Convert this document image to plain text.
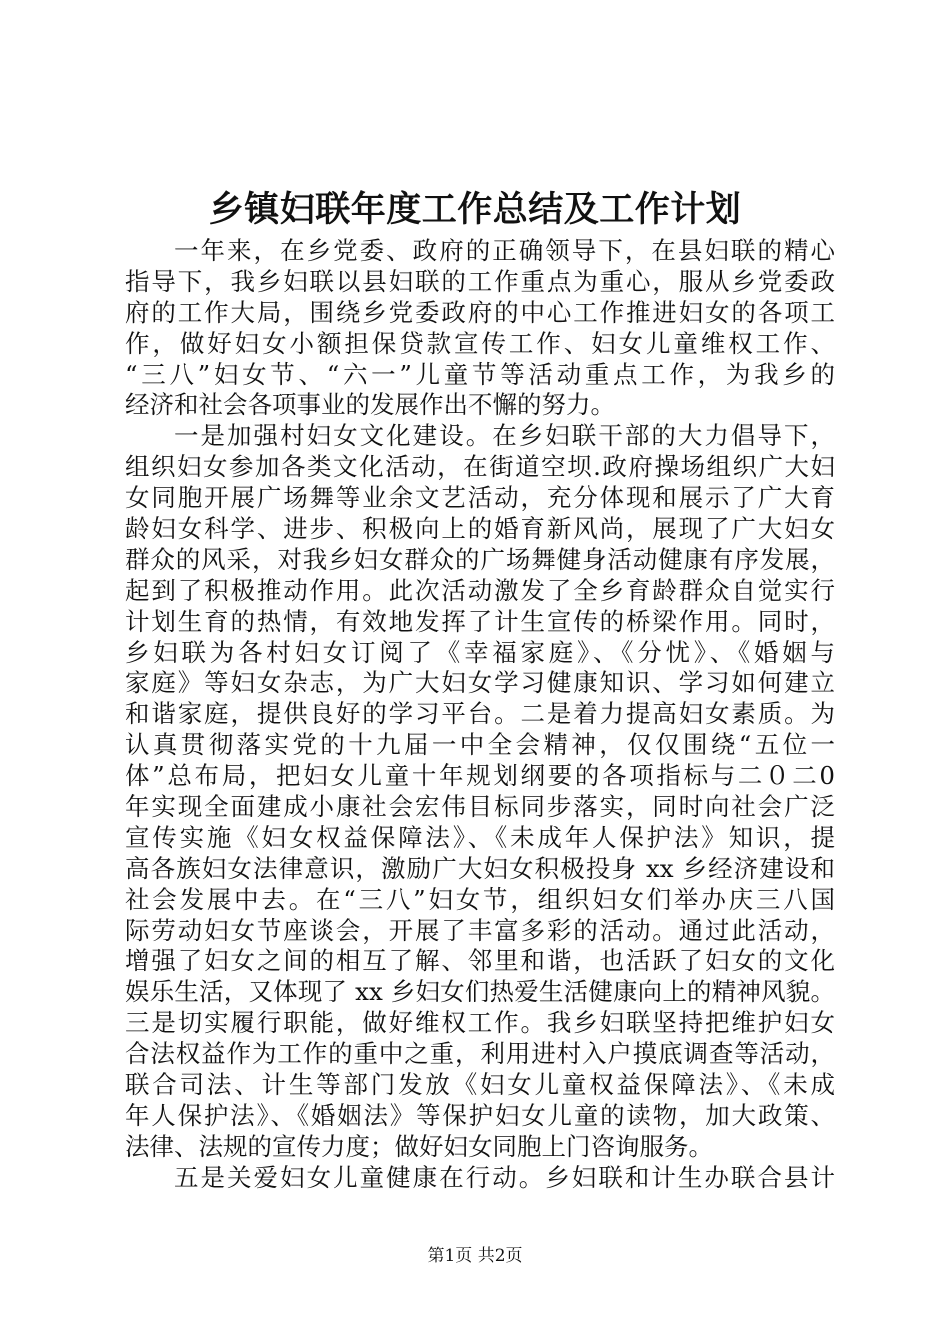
乡镇妇联年度工作总结及工作计划
一年来，在乡党委、政府的正确领导下，在县妇联的精心
指导下，我乡妇联以县妇联的工作重点为重心，服从乡党委政
府的工作大局，围绕乡党委政府的中心工作推进妇女的各项工
作，做好妇女小额担保贷款宣传工作、妇女儿童维权工作、
“三八”妇女节、“六一”儿童节等活动重点工作，为我乡的
经济和社会各项事业的发展作出不懈的努力。
一是加强村妇女文化建设。在乡妇联干部的大力倡导下，
组织妇女参加各类文化活动，在街道空坝.政府操场组织广大妇
女同胞开展广场舞等业余文艺活动，充分体现和展示了广大育
龄妇女科学、进步、积极向上的婚育新风尚，展现了广大妇女
群众的风采，对我乡妇女群众的广场舞健身活动健康有序发展，
起到了积极推动作用。此次活动激发了全乡育龄群众自觉实行
计划生育的热情，有效地发挥了计生宣传的桥梁作用。同时，
乡妇联为各村妇女订阅了《幸福家庭》、《分忧》、《婚姻与
家庭》等妇女杂志，为广大妇女学习健康知识、学习如何建立
和谐家庭，提供良好的学习平台。二是着力提高妇女素质。为
认真贯彻落实党的十九届一中全会精神，仅仅围绕“五位一
体”总布局，把妇女儿童十年规划纲要的各项指标与二０二0
年实现全面建成小康社会宏伟目标同步落实，同时向社会广泛
宣传实施《妇女权益保障法》、《未成年人保护法》知识，提
高各族妇女法律意识，激励广大妇女积极投身 xx 乡经济建设和
社会发展中去。在“三八”妇女节，组织妇女们举办庆三八国
际劳动妇女节座谈会，开展了丰富多彩的活动。通过此活动，
增强了妇女之间的相互了解、邻里和谐，也活跃了妇女的文化
娱乐生活，又体现了 xx 乡妇女们热爱生活健康向上的精神风貌。
三是切实履行职能，做好维权工作。我乡妇联坚持把维护妇女
合法权益作为工作的重中之重，利用进村入户摸底调查等活动，
联合司法、计生等部门发放《妇女儿童权益保障法》、《未成
年人保护法》、《婚姻法》等保护妇女儿童的读物，加大政策、
法律、法规的宣传力度；做好妇女同胞上门咨询服务。
五是关爱妇女儿童健康在行动。乡妇联和计生办联合县计
第1页 共2页
